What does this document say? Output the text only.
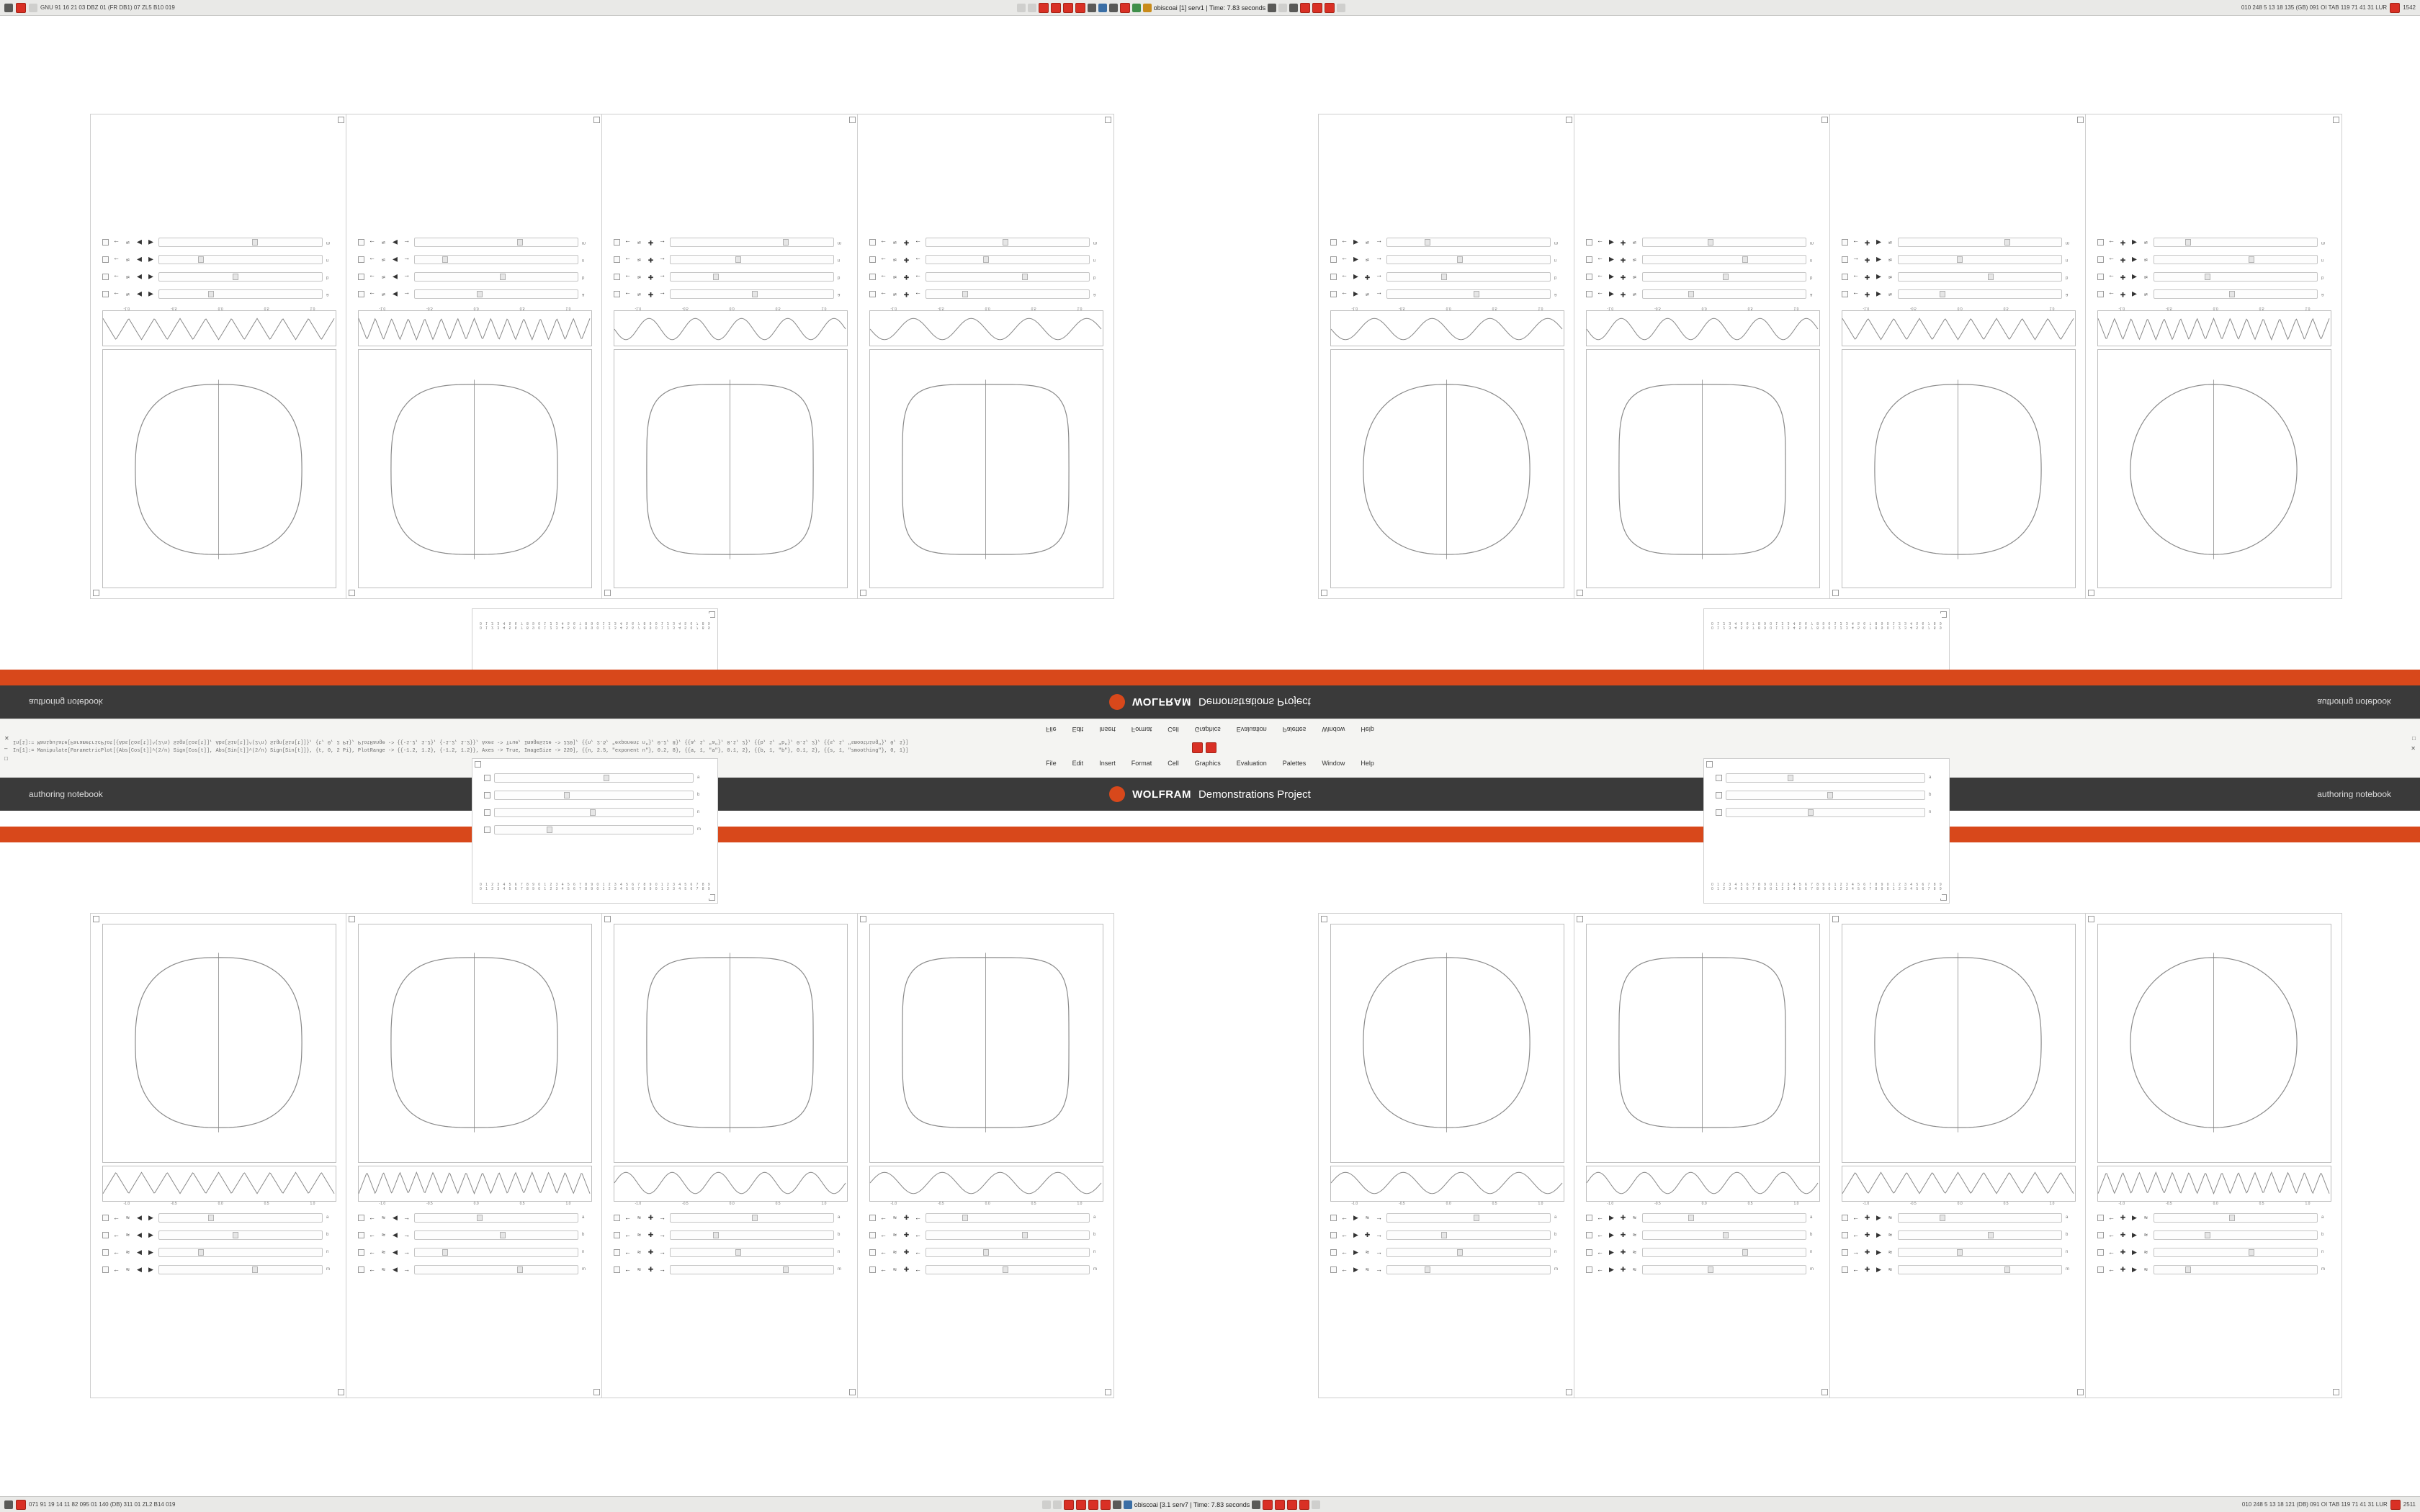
GNU 91 16 21 03 DBZ 01 (FR DB1) 07 ZL5 B10 019	obiscoai [1] serv1 | Time: 7.83 seconds	010 248 5 13 18 135 (GB) 091 OI TAB 119 71 41 31 LUR	1542
-1.0	-0.5	0.0	0.5	1.0
←	≈	◀ ▶	a
←	≈	◀ ▶	b
←	≈	◀ ▶	n
←	≈	◀ ▶	m
-1.0	-0.5	0.0	0.5	1.0
←	≈	◀ →	a
←	≈	◀ →	b
←	≈	◀ →	n
←	≈	◀ →	m
-1.0	-0.5	0.0	0.5	1.0
←	≈	✚ →	a
←	≈	✚ →	b
←	≈	✚ →	n
←	≈	✚ →	m
-1.0	-0.5	0.0	0.5	1.0
←	≈	✚ ←	a
←	≈	✚ ←	b
←	≈	✚ ←	n
←	≈	✚ ←	m
-1.0	-0.5	0.0	0.5	1.0
← ▶	≈	→	a
← ▶ ✚ →	b
← ▶	≈	→	n
← ▶	≈	→	m
-1.0	-0.5	0.0	0.5	1.0
← ▶ ✚	≈	a
← ▶ ✚	≈	b
← ▶ ✚	≈	n
← ▶ ✚	≈	m
-1.0	-0.5	0.0	0.5	1.0
← ✚ ▶	≈	a
← ✚ ▶	≈	b
→ ✚ ▶	≈	n
← ✚ ▶	≈	m
-1.0	-0.5	0.0	0.5	1.0
← ✚ ▶	≈	a
← ✚ ▶	≈	b
← ✚ ▶	≈	n
← ✚ ▶	≈	m
0 1 2 3 4 5 6 7 8 9 0 1 2 3 4 5 6 7 8 9 0 1 2 3 4 5 6 7 8 9 0 1 2 3 4 5 6 7 8 9
0 1 2 3 4 5 6 7 8 9 0 1 2 3 4 5 6 7 8 9 0 1 2 3 4 5 6 7 8 9 0 1 2 3 4 5 6 7 8 9
0 1 2 3 4 5 6 7 8 9 0 1 2 3 4 5 6 7 8 9 0 1 2 3 4 5 6 7 8 9 0 1 2 3 4 5 6 7 8 9
0 1 2 3 4 5 6 7 8 9 0 1 2 3 4 5 6 7 8 9 0 1 2 3 4 5 6 7 8 9 0 1 2 3 4 5 6 7 8 9
authoring notebook	WOLFRAM Demonstrations Project	authoring notebook
File Edit Insert Format Cell Graphics Evaluation Palettes Window Help
In[1]:= Manipulate[ParametricPlot[{Abs[Cos[t]]^(2/n) Sign[Cos[t]], Abs[Sin[t]]^(2/n) Sign[Sin[t]]}, {t, 0, 2 Pi}, PlotRange -> {{-1.2, 1.2}, {-1.2, 1.2}}, Axes -> True, ImageSize -> 220], {{n, 2.5, "exponent n"}, 0.2, 8}, {{a, 1, "a"}, 0.1, 2}, {{b, 1, "b"}, 0.1, 2}, {{s, 1, "smoothing"}, 0, 1}]
In[1]:= Manipulate[ParametricPlot[{Abs[Cos[t]]^(2/n) Sign[Cos[t]], Abs[Sin[t]]^(2/n) Sign[Sin[t]]}, {t, 0, 2 Pi}, PlotRange -> {{-1.2, 1.2}, {-1.2, 1.2}}, Axes -> True, ImageSize -> 220], {{n, 2.5, "exponent n"}, 0.2, 8}, {{a, 1, "a"}, 0.1, 2}, {{b, 1, "b"}, 0.1, 2}, {{s, 1, "smoothing"}, 0, 1}]
✕
–
□
□
✕
File Edit Insert Format Cell Graphics Evaluation Palettes Window Help
authoring notebook	WOLFRAM Demonstrations Project	authoring notebook
-1.0	-0.5	0.0	0.5	1.0
←	≈	◀ ▶	a
←	≈	◀ ▶	b
←	≈	◀ ▶	n
←	≈	◀ ▶	m
-1.0	-0.5	0.0	0.5	1.0
←	≈	◀ →	a
←	≈	◀ →	b
←	≈	◀ →	n
←	≈	◀ →	m
-1.0	-0.5	0.0	0.5	1.0
←	≈	✚ →	a
←	≈	✚ →	b
←	≈	✚ →	n
←	≈	✚ →	m
-1.0	-0.5	0.0	0.5	1.0
←	≈	✚ ←	a
←	≈	✚ ←	b
←	≈	✚ ←	n
←	≈	✚ ←	m
-1.0	-0.5	0.0	0.5	1.0
← ▶	≈	→	a
← ▶ ✚ →	b
← ▶	≈	→	n
← ▶	≈	→	m
-1.0	-0.5	0.0	0.5	1.0
← ▶ ✚	≈	a
← ▶ ✚	≈	b
← ▶ ✚	≈	n
← ▶ ✚	≈	m
-1.0	-0.5	0.0	0.5	1.0
← ✚ ▶	≈	a
← ✚ ▶	≈	b
→ ✚ ▶	≈	n
← ✚ ▶	≈	m
-1.0	-0.5	0.0	0.5	1.0
← ✚ ▶	≈	a
← ✚ ▶	≈	b
← ✚ ▶	≈	n
← ✚ ▶	≈	m
a
b
n
m
0 1 2 3 4 5 6 7 8 9 0 1 2 3 4 5 6 7 8 9 0 1 2 3 4 5 6 7 8 9 0 1 2 3 4 5 6 7 8 9
0 1 2 3 4 5 6 7 8 9 0 1 2 3 4 5 6 7 8 9 0 1 2 3 4 5 6 7 8 9 0 1 2 3 4 5 6 7 8 9
a
b
n
0 1 2 3 4 5 6 7 8 9 0 1 2 3 4 5 6 7 8 9 0 1 2 3 4 5 6 7 8 9 0 1 2 3 4 5 6 7 8 9
0 1 2 3 4 5 6 7 8 9 0 1 2 3 4 5 6 7 8 9 0 1 2 3 4 5 6 7 8 9 0 1 2 3 4 5 6 7 8 9
071 91 19 14 11 82 095 01 140 (DB) 311 01 ZL2 B14 019	obiscoai [3.1 serv7 | Time: 7.83 seconds	010 248 5 13 18 121 (DB) 091 OI TAB 119 71 41 31 LUR	2511
